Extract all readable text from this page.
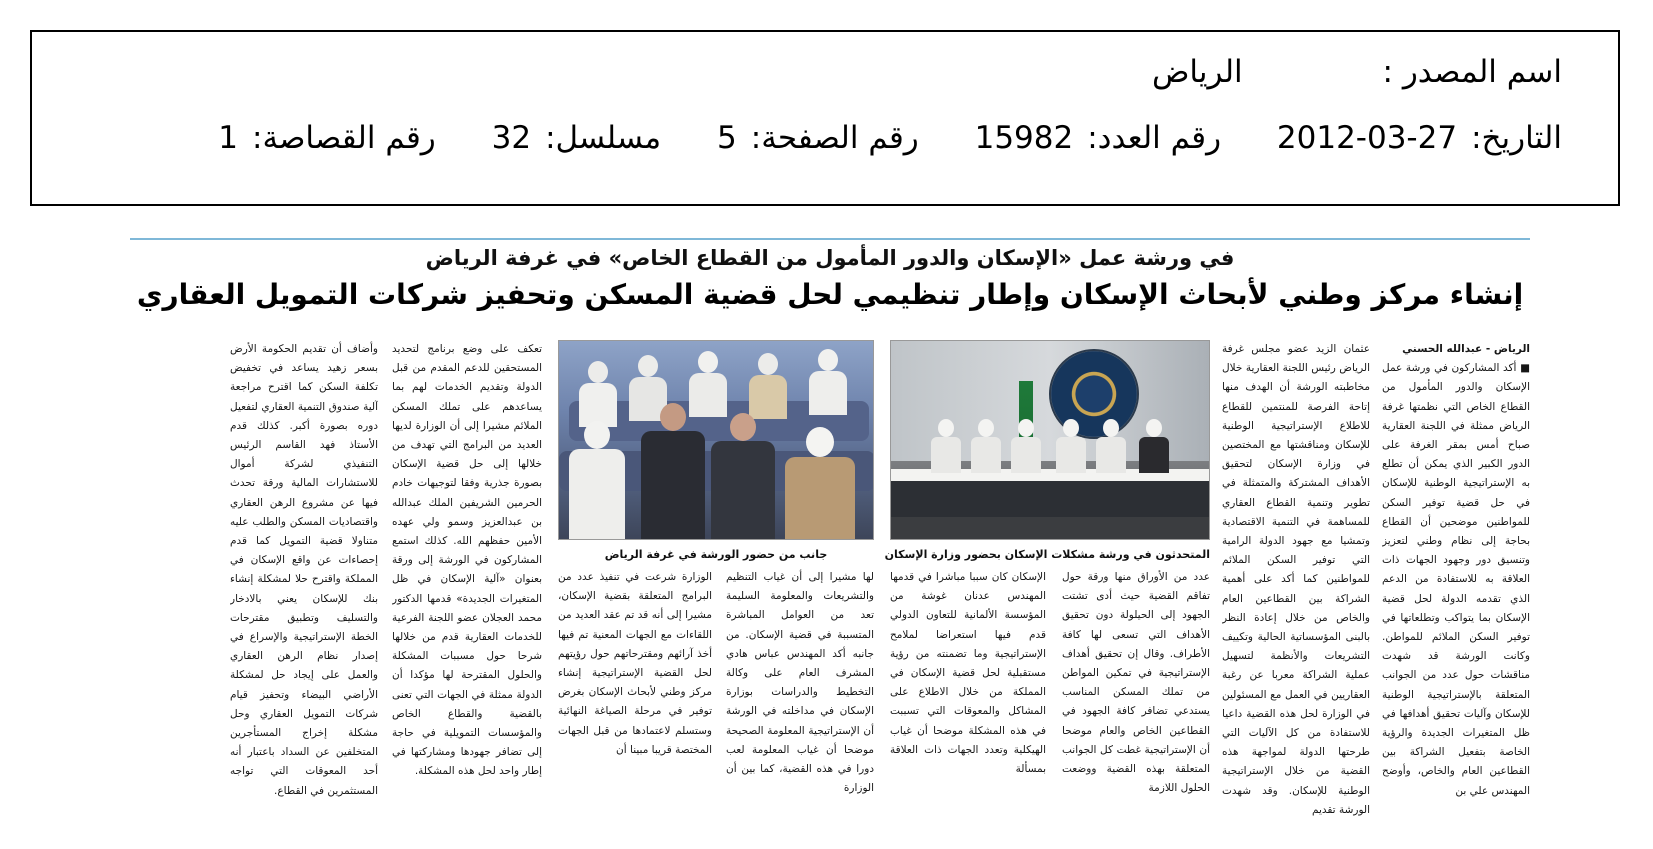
اسم المصدر : الرياض
التاريخ:2012-03-27 رقم العدد:15982 رقم الصفحة:5 مسلسل:32 رقم القصاصة:1
في ورشة عمل «الإسكان والدور المأمول من القطاع الخاص» في غرفة الرياض
إنشاء مركز وطني لأبحاث الإسكان وإطار تنظيمي لحل قضية المسكن وتحفيز شركات التمويل العقاري
الرياض - عبدالله الحسني

■ أكد المشاركون في ورشة عمل الإسكان والدور المأمول من القطاع الخاص التي نظمتها غرفة الرياض ممثلة في اللجنة العقارية صباح أمس بمقر الغرفة على الدور الكبير الذي يمكن أن تطلع به الإستراتيجية الوطنية للإسكان في حل قضية توفير السكن للمواطنين موضحين أن القطاع بحاجة إلى نظام وطني لتعزيز وتنسيق دور وجهود الجهات ذات العلاقة به للاستفادة من الدعم الذي تقدمه الدولة لحل قضية الإسكان بما يتواكب وتطلعاتها في توفير السكن الملائم للمواطن. وكانت الورشة قد شهدت مناقشات حول عدد من الجوانب المتعلقة بالإستراتيجية الوطنية للإسكان وآليات تحقيق أهدافها في ظل المتغيرات الجديدة والرؤية الخاصة بتفعيل الشراكة بين القطاعين العام والخاص، وأوضح المهندس علي بن

عثمان الزيد عضو مجلس غرفة الرياض رئيس اللجنة العقارية خلال مخاطبته الورشة أن الهدف منها إتاحة الفرصة للمنتمين للقطاع للاطلاع الإستراتيجية الوطنية للإسكان ومناقشتها مع المختصين في وزارة الإسكان لتحقيق الأهداف المشتركة والمتمثلة في تطوير وتنمية القطاع العقاري للمساهمة في التنمية الاقتصادية وتمشيا مع جهود الدولة الرامية التي توفير السكن الملائم للمواطنين كما أكد على أهمية الشراكة بين القطاعين العام والخاص من خلال إعادة النظر بالبنى المؤسساتية الحالية وتكييف التشريعات والأنظمة لتسهيل عملية الشراكة معربا عن رغبة العقاريين في العمل مع المسئولين في الوزارة لحل هذه القضية داعيا للاستفادة من كل الآليات التي طرحتها الدولة لمواجهة هذه القضية من خلال الإستراتيجية الوطنية للإسكان. وقد شهدت الورشة تقديم

المتحدثون في ورشة مشكلات الإسكان بحضور وزارة الإسكان
جانب من حضور الورشة في غرفة الرياض

عدد من الأوراق منها ورقة حول تفاقم القضية حيث أدى تشتت الجهود إلى الحيلولة دون تحقيق الأهداف التي تسعى لها كافة الأطراف. وقال إن تحقيق أهداف الإستراتيجية في تمكين المواطن من تملك المسكن المناسب يستدعي تضافر كافة الجهود في القطاعين الخاص والعام موضحا أن الإستراتيجية غطت كل الجوانب المتعلقة بهذه القضية ووضعت الحلول اللازمة

الإسكان كان سببا مباشرا في قدمها المهندس عدنان غوشة من المؤسسة الألمانية للتعاون الدولي قدم فيها استعراضا لملامح الإستراتيجية وما تضمنته من رؤية مستقبلية لحل قضية الإسكان في المملكة من خلال الاطلاع على المشاكل والمعوقات التي تسببت في هذه المشكلة موضحا أن غياب الهيكلية وتعدد الجهات ذات العلاقة بمسألة

لها مشيرا إلى أن غياب التنظيم والتشريعات والمعلومة السليمة تعد من العوامل المباشرة المتسببة في قضية الإسكان. من جانبه أكد المهندس عباس هادي المشرف العام على وكالة التخطيط والدراسات بوزارة الإسكان في مداخلته في الورشة أن الإستراتيجية المعلومة الصحيحة موضحا أن غياب المعلومة لعب دورا في هذه القضية، كما بين أن الوزارة

الوزارة شرعت في تنفيذ عدد من البرامج المتعلقة بقضية الإسكان، مشيرا إلى أنه قد تم عقد العديد من اللقاءات مع الجهات المعنية تم فيها أخذ آرائهم ومقترحاتهم حول رؤيتهم لحل القضية الإستراتيجية إنشاء مركز وطني لأبحاث الإسكان بغرض توفير في مرحلة الصياغة النهائية وستسلم لاعتمادها من قبل الجهات المختصة قريبا مبينا أن

تعكف على وضع برنامج لتحديد المستحقين للدعم المقدم من قبل الدولة وتقديم الخدمات لهم بما يساعدهم على تملك المسكن الملائم مشيرا إلى أن الوزارة لديها العديد من البرامج التي تهدف من خلالها إلى حل قضية الإسكان بصورة جذرية وفقا لتوجيهات خادم الحرمين الشريفين الملك عبدالله بن عبدالعزيز وسمو ولي عهده الأمين حفظهم الله. كذلك استمع المشاركون في الورشة إلى ورقة بعنوان «آلية الإسكان في ظل المتغيرات الجديدة» قدمها الدكتور محمد العجلان عضو اللجنة الفرعية للخدمات العقارية قدم من خلالها شرحا حول مسببات المشكلة والحلول المقترحة لها مؤكدا أن الدولة ممثلة في الجهات التي تعنى بالقضية والقطاع الخاص والمؤسسات التمويلية في حاجة إلى تضافر جهودها ومشاركتها في إطار واحد لحل هذه المشكلة.

وأضاف أن تقديم الحكومة الأرض بسعر زهيد يساعد في تخفيض تكلفة السكن كما اقترح مراجعة آلية صندوق التنمية العقاري لتفعيل دوره بصورة أكبر. كذلك قدم الأستاذ فهد القاسم الرئيس التنفيذي لشركة أموال للاستشارات المالية ورقة تحدث فيها عن مشروع الرهن العقاري واقتصاديات المسكن والطلب عليه متناولا قضية التمويل كما قدم إحصاءات عن واقع الإسكان في المملكة واقترح حلا لمشكلة إنشاء بنك للإسكان يعني بالادخار والتسليف وتطبيق مقترحات الخطة الإستراتيجية والإسراع في إصدار نظام الرهن العقاري والعمل على إيجاد حل لمشكلة الأراضي البيضاء وتحفيز قيام شركات التمويل العقاري وحل مشكلة إخراج المستأجرين المتخلفين عن السداد باعتبار أنه أحد المعوقات التي تواجه المستثمرين في القطاع.
